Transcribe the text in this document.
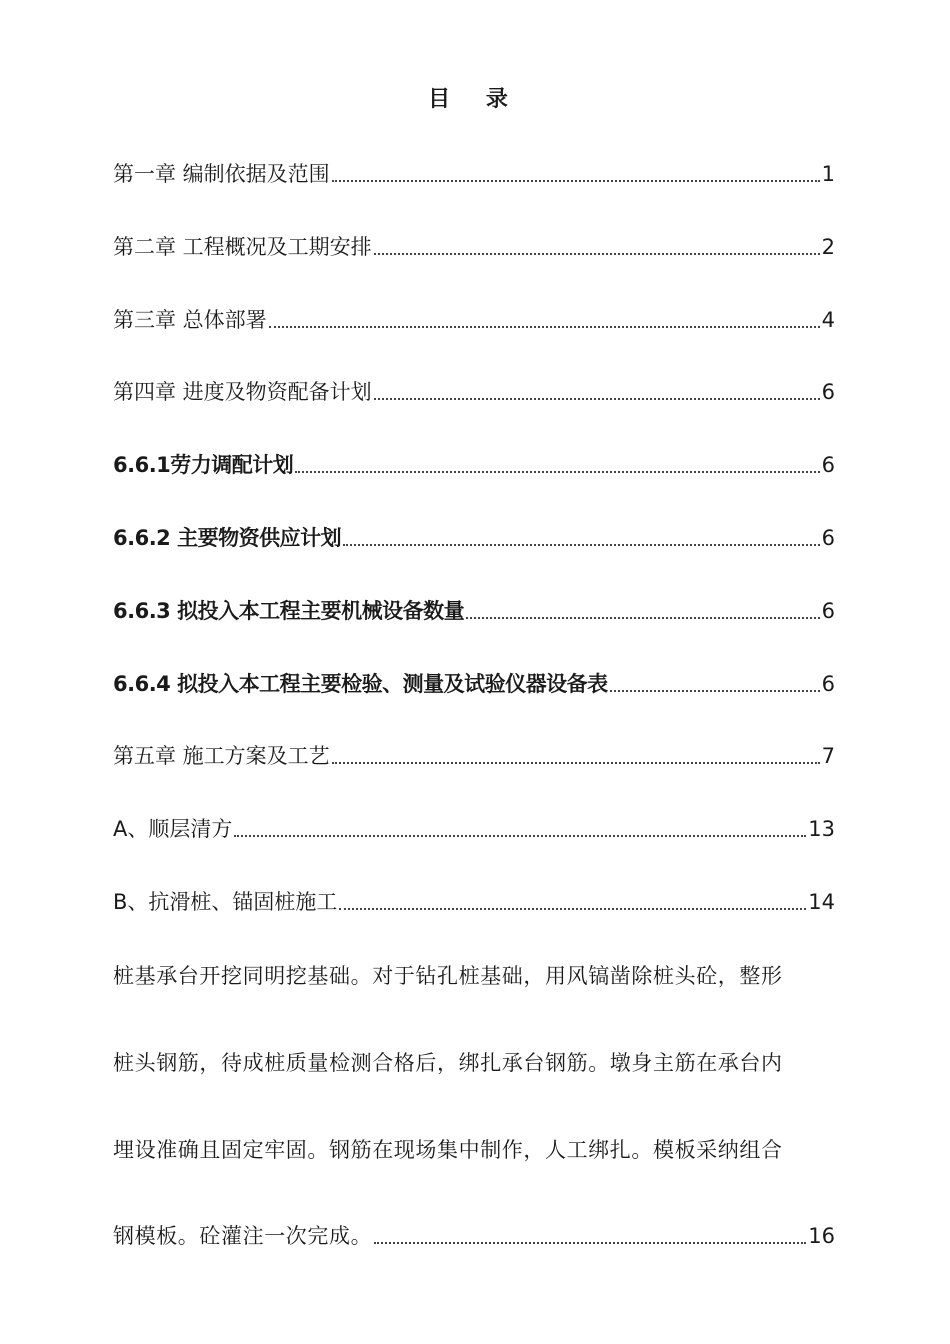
目 录
第一章 编制依据及范围	1
第二章 工程概况及工期安排	2
第三章 总体部署	4
第四章 进度及物资配备计划	6
6.6.1劳力调配计划	6
6.6.2 主要物资供应计划	6
6.6.3 拟投入本工程主要机械设备数量	6
6.6.4 拟投入本工程主要检验、测量及试验仪器设备表	6
第五章 施工方案及工艺	7
A、顺层清方	13
B、抗滑桩、锚固桩施工	14
桩基承台开挖同明挖基础。对于钻孔桩基础，用风镐凿除桩头砼，整形
桩头钢筋，待成桩质量检测合格后，绑扎承台钢筋。墩身主筋在承台内
埋设准确且固定牢固。钢筋在现场集中制作，人工绑扎。模板采纳组合
钢模板。砼灌注一次完成。	16
